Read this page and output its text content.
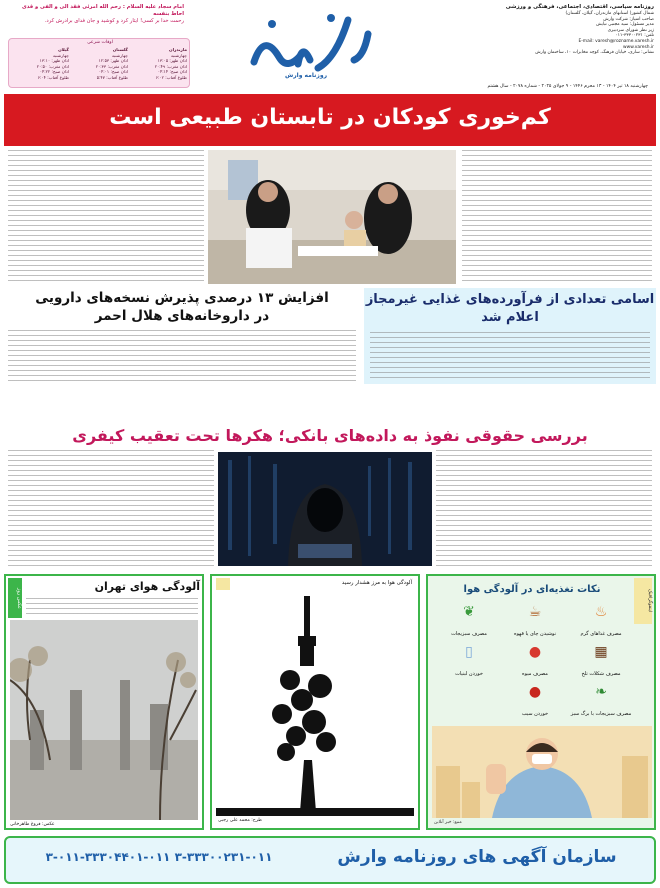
امام سجاد علیه السلام : رحم الله امرئی فقد الی و الفی و قدی احاط بنفسه
رحمت خدا بر کسی! ایثار کرد و کوشید و جان فدای برادرش کرد.
اوقات شرعی
مازندران
چهارشنبه
اذان ظهر: ۱۳:۰۵
اذان مغرب: ۲۰:۴۹
اذان صبح: ۰۴:۱۴
طلوع آفتاب: ۶:۰۲
گلستان
چهارشنبه
اذان ظهر: ۱۲:۵۳
اذان مغرب: ۲۰:۳۳
اذان صبح: ۰۴:۰۱
طلوع آفتاب: ۵:۴۷
گیلان
چهارشنبه
اذان ظهر: ۱۳:۱۰
اذان مغرب: ۲۰:۵۰
اذان صبح: ۰۴:۲۲
طلوع آفتاب: ۶:۰۴	روزنامه وارش
روزنامه سیاسی، اقتصادی، اجتماعی، فرهنگی و ورزشی
شمال کشور( استانهای مازندران، گیلان، گلستان)
صاحب امتیاز: شرکت وارش
مدیر مسئول: سید مجتبی تبایش
زیر نظر شورای سردبیری
تلفن: ۳۳۳۰۰۲۳۱-۰۱۱
E-mail: varesh@rozname.varesh.ir
www.varesh.ir
نشانی: ساری، خیابان فرهنگ، کوچه مخابرات ۱۰، ساختمان وارش
چهارشنبه ۱۸ تیر ۱۴۰۴ - ۱۳ محرم ۱۴۴۶ - ۹ جولای ۲۰۲۵ - شماره ۲۰۷۸ - سال هشتم
کم‌خوری کودکان در تابستان طبیعی است
افزایش ۱۳ درصدی پذیرش نسخه‌های دارویی
در داروخانه‌های هلال احمر
اسامی تعدادی از فرآورده‌های غذایی غیرمجاز
اعلام شد
بررسی حقوقی نفوذ به داده‌های بانکی؛ هکرها تحت تعقیب کیفری
عکس روز
آلودگی هوای تهران
عکس: فروغ طاهرخانی
آلودگی هوا به مرز هشدار رسید
طرح: محمد علی رجبی
اینفوگرافیک
نکات تغذیه‌ای در آلودگی هوا
♨
مصرف غذاهای گرم
☕
نوشیدن چای یا قهوه
❦
مصرف سبزیجات
▦
مصرف شکلات تلخ
●
مصرف میوه
▯
خوردن لبنیات
●
خوردن سیب
❧
مصرف سبزیجات با برگ سبز
منبع: خبر آنلاین
سازمان آگهی های روزنامه وارش
۳-۳۳۳۰۰۲۳۱-۰۱۱ ۳-۰۱۱-۳۳۳۰۴۴۰۱-۰۱۱
